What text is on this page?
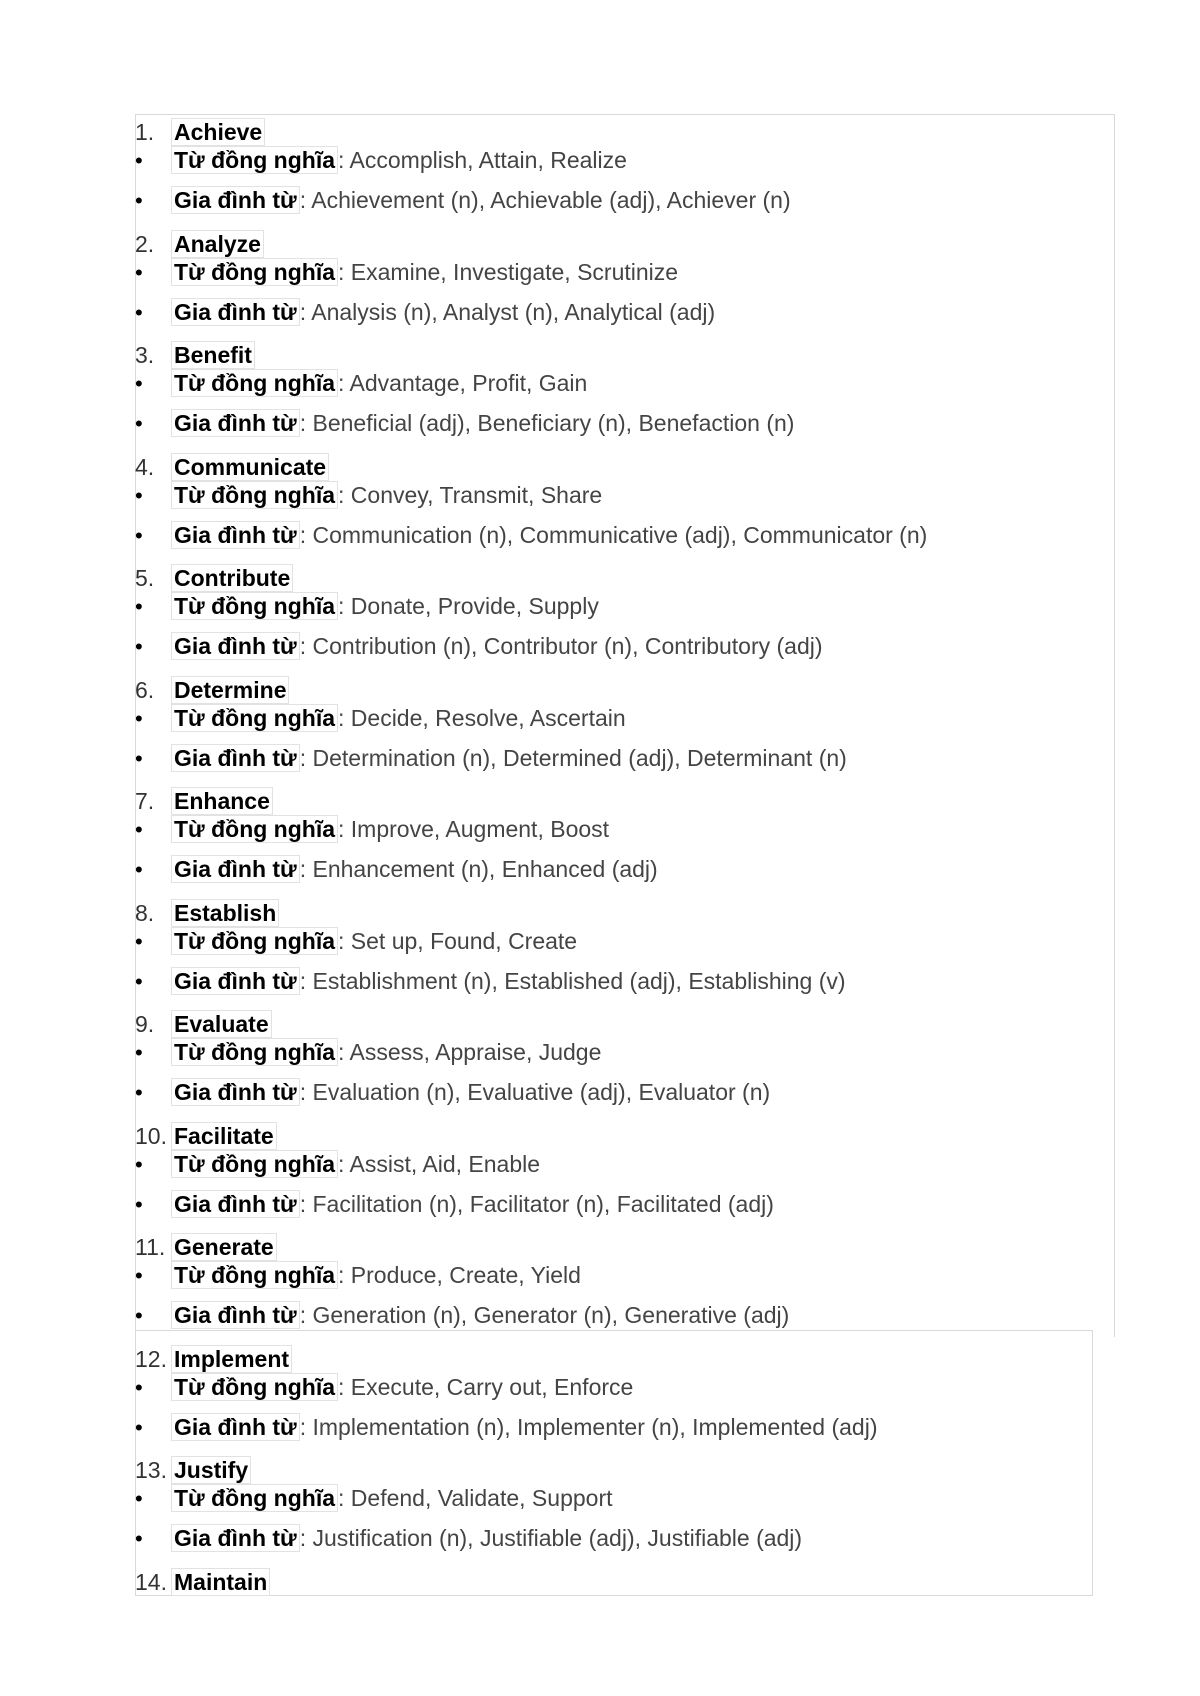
1. Achieve
• Từ đồng nghĩa : Accomplish, Attain, Realize
• Gia đình từ : Achievement (n), Achievable (adj), Achiever (n)
2. Analyze
• Từ đồng nghĩa : Examine, Investigate, Scrutinize
• Gia đình từ : Analysis (n), Analyst (n), Analytical (adj)
3. Benefit
• Từ đồng nghĩa : Advantage, Profit, Gain
• Gia đình từ : Beneficial (adj), Beneficiary (n), Benefaction (n)
4. Communicate
• Từ đồng nghĩa : Convey, Transmit, Share
• Gia đình từ : Communication (n), Communicative (adj), Communicator (n)
5. Contribute
• Từ đồng nghĩa : Donate, Provide, Supply
• Gia đình từ : Contribution (n), Contributor (n), Contributory (adj)
6. Determine
• Từ đồng nghĩa : Decide, Resolve, Ascertain
• Gia đình từ : Determination (n), Determined (adj), Determinant (n)
7. Enhance
• Từ đồng nghĩa : Improve, Augment, Boost
• Gia đình từ : Enhancement (n), Enhanced (adj)
8. Establish
• Từ đồng nghĩa : Set up, Found, Create
• Gia đình từ : Establishment (n), Established (adj), Establishing (v)
9. Evaluate
• Từ đồng nghĩa : Assess, Appraise, Judge
• Gia đình từ : Evaluation (n), Evaluative (adj), Evaluator (n)
10. Facilitate
• Từ đồng nghĩa : Assist, Aid, Enable
• Gia đình từ : Facilitation (n), Facilitator (n), Facilitated (adj)
11. Generate
• Từ đồng nghĩa : Produce, Create, Yield
• Gia đình từ : Generation (n), Generator (n), Generative (adj)
12. Implement
• Từ đồng nghĩa : Execute, Carry out, Enforce
• Gia đình từ : Implementation (n), Implementer (n), Implemented (adj)
13. Justify
• Từ đồng nghĩa : Defend, Validate, Support
• Gia đình từ : Justification (n), Justifiable (adj), Justifiable (adj)
14. Maintain
